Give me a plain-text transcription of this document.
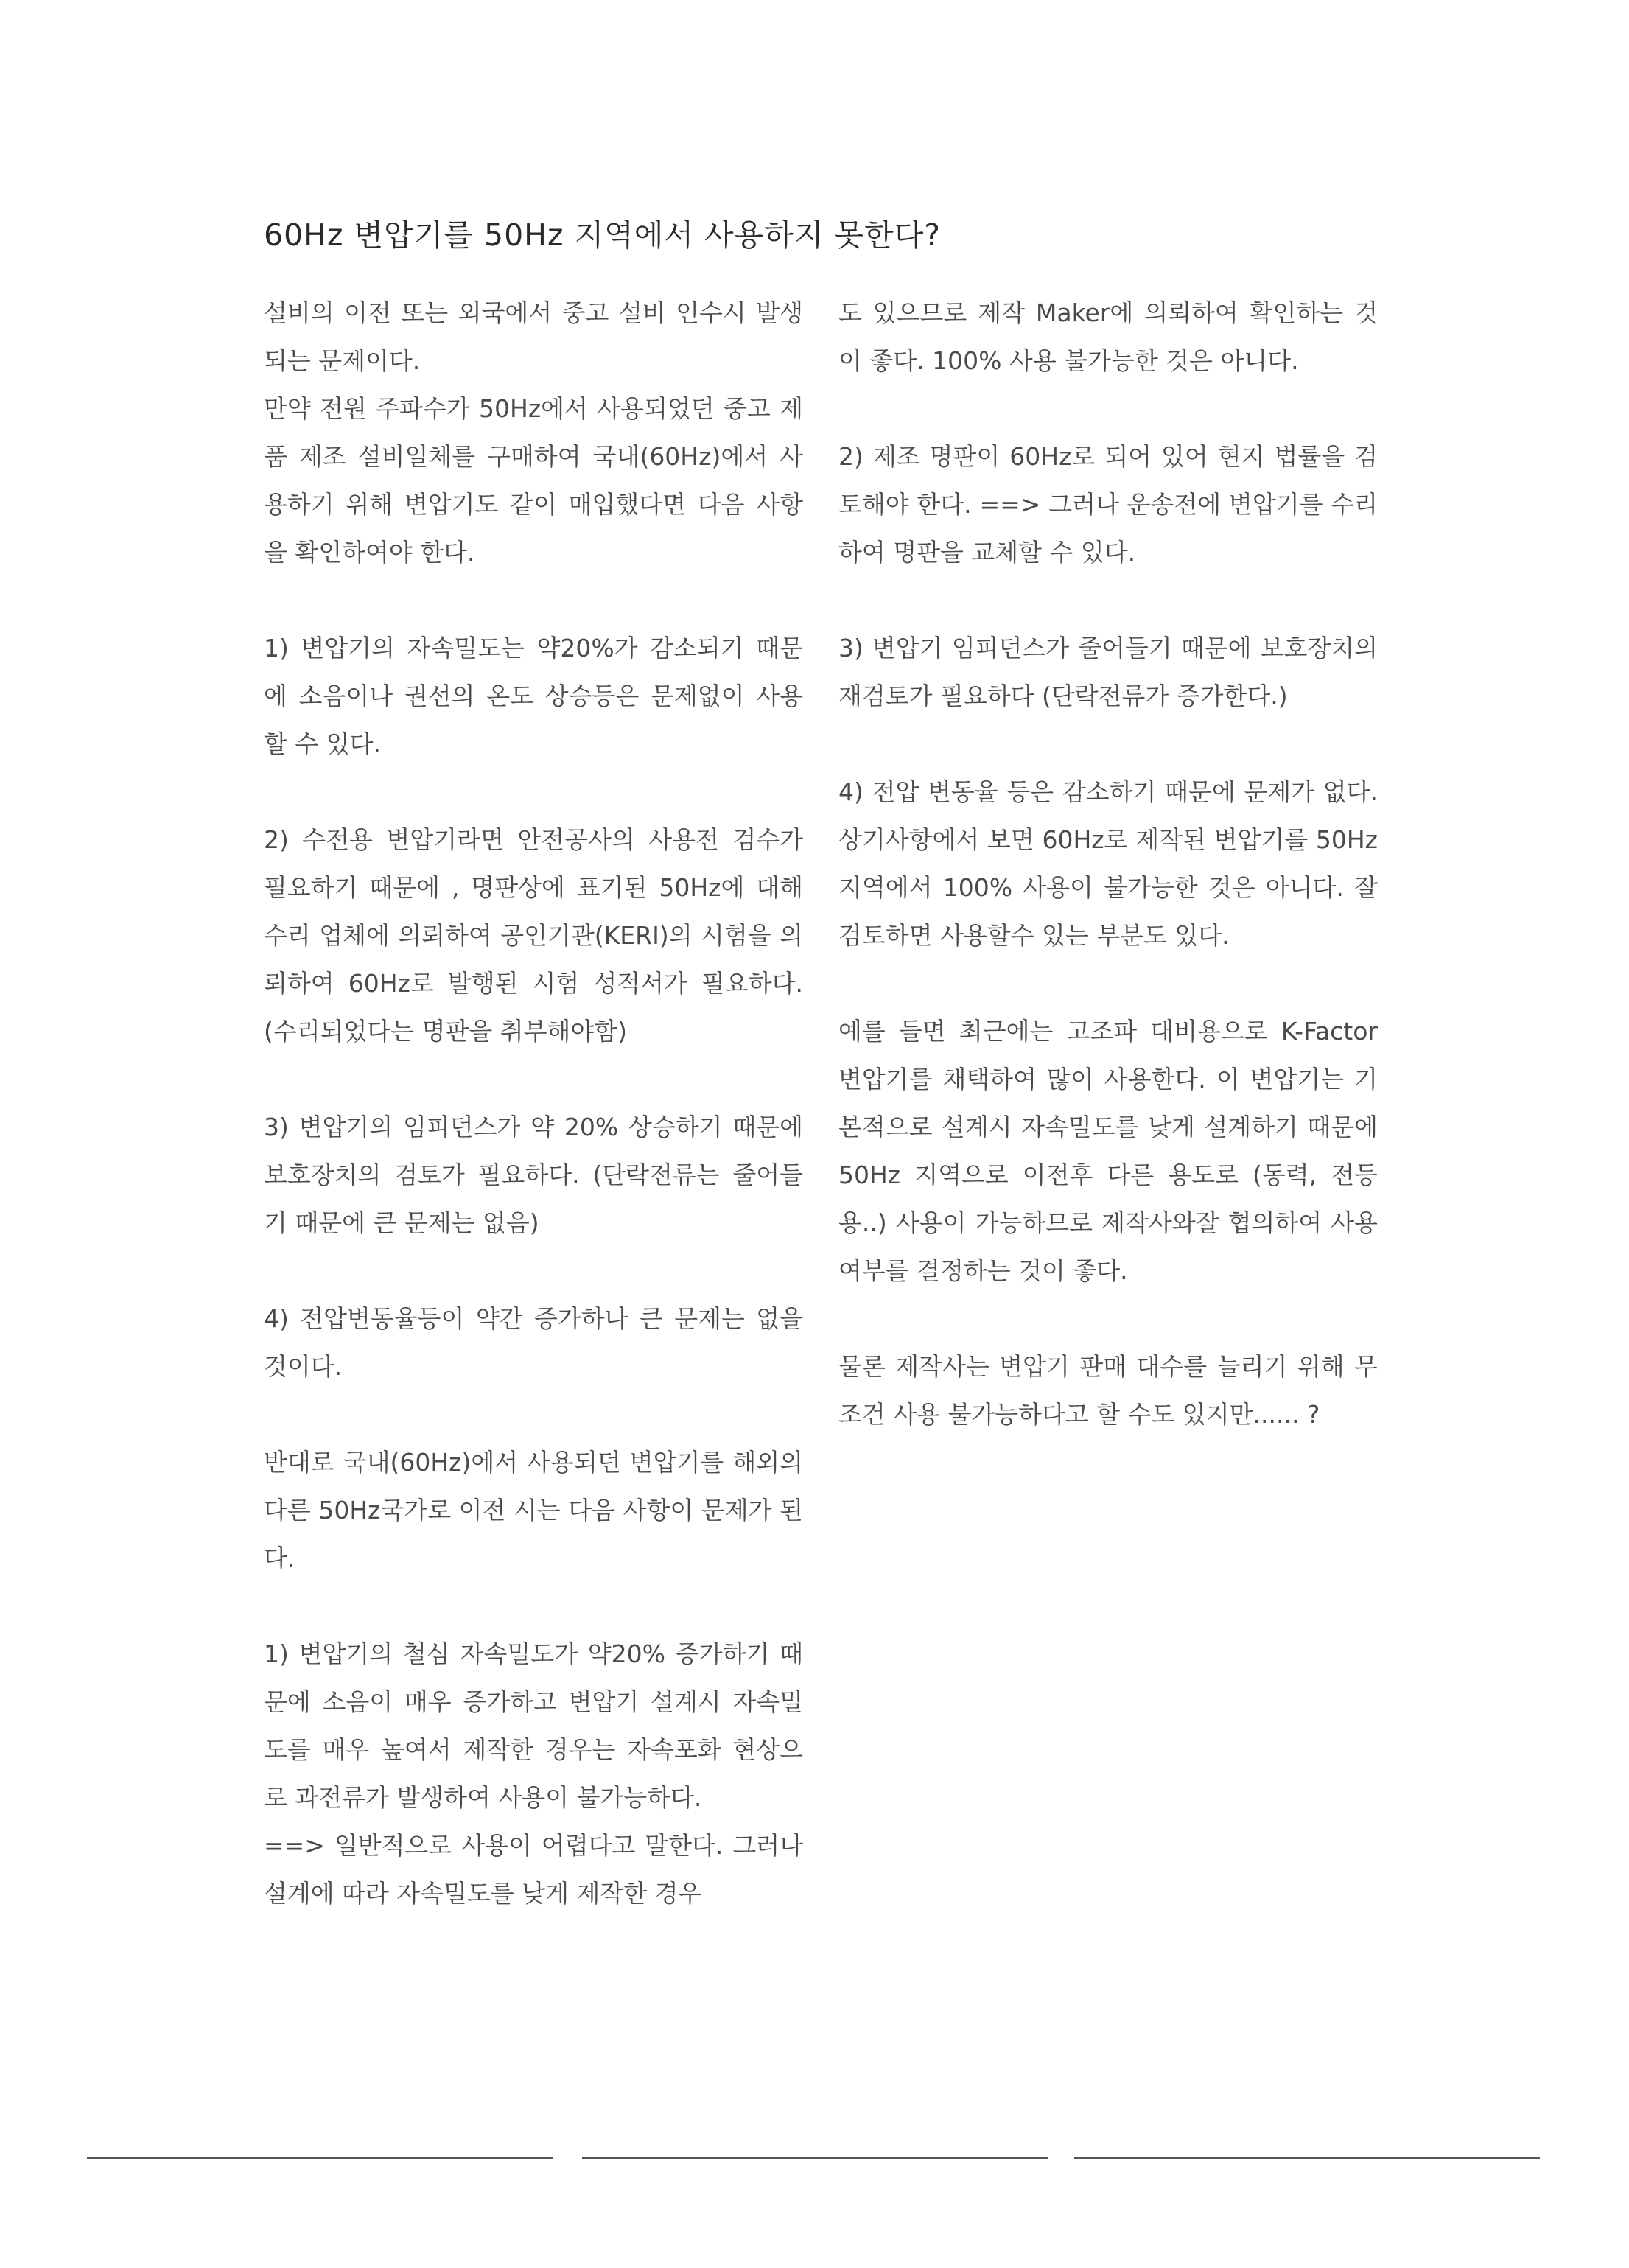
60Hz 변압기를 50Hz 지역에서 사용하지 못한다?

설비의 이전 또는 외국에서 중고 설비 인수시 발생되는 문제이다.
만약 전원 주파수가 50Hz에서 사용되었던 중고 제품 제조 설비일체를 구매하여 국내(60Hz)에서 사용하기 위해 변압기도 같이 매입했다면 다음 사항을 확인하여야 한다.

1) 변압기의 자속밀도는 약20%가 감소되기 때문에 소음이나 권선의 온도 상승등은 문제없이 사용할 수 있다.

2) 수전용 변압기라면 안전공사의 사용전 검수가 필요하기 때문에 , 명판상에 표기된 50Hz에 대해 수리 업체에 의뢰하여 공인기관(KERI)의 시험을 의뢰하여 60Hz로 발행된 시험 성적서가 필요하다. (수리되었다는 명판을 취부해야함)

3) 변압기의 임피던스가 약 20% 상승하기 때문에 보호장치의 검토가 필요하다. (단락전류는 줄어들기 때문에 큰 문제는 없음)

4) 전압변동율등이 약간 증가하나 큰 문제는 없을 것이다.

반대로 국내(60Hz)에서 사용되던 변압기를 해외의 다른 50Hz국가로 이전 시는 다음 사항이 문제가 된다.

1) 변압기의 철심 자속밀도가 약20% 증가하기 때문에 소음이 매우 증가하고 변압기 설계시 자속밀도를 매우 높여서 제작한 경우는 자속포화 현상으로 과전류가 발생하여 사용이 불가능하다.
==> 일반적으로 사용이 어렵다고 말한다. 그러나 설계에 따라 자속밀도를 낮게 제작한 경우

도 있으므로 제작 Maker에 의뢰하여 확인하는 것이 좋다. 100% 사용 불가능한 것은 아니다.

2) 제조 명판이 60Hz로 되어 있어 현지 법률을 검토해야 한다. ==> 그러나 운송전에 변압기를 수리하여 명판을 교체할 수 있다.

3) 변압기 임피던스가 줄어들기 때문에 보호장치의 재검토가 필요하다 (단락전류가 증가한다.)

4) 전압 변동율 등은 감소하기 때문에 문제가 없다. 상기사항에서 보면 60Hz로 제작된 변압기를 50Hz 지역에서 100% 사용이 불가능한 것은 아니다. 잘 검토하면 사용할수 있는 부분도 있다.

예를 들면 최근에는 고조파 대비용으로 K-Factor 변압기를 채택하여 많이 사용한다. 이 변압기는 기본적으로 설계시 자속밀도를 낮게 설계하기 때문에 50Hz 지역으로 이전후 다른 용도로 (동력, 전등용..) 사용이 가능하므로 제작사와잘 협의하여 사용여부를 결정하는 것이 좋다.

물론 제작사는 변압기 판매 대수를 늘리기 위해 무조건 사용 불가능하다고 할 수도 있지만...... ?
